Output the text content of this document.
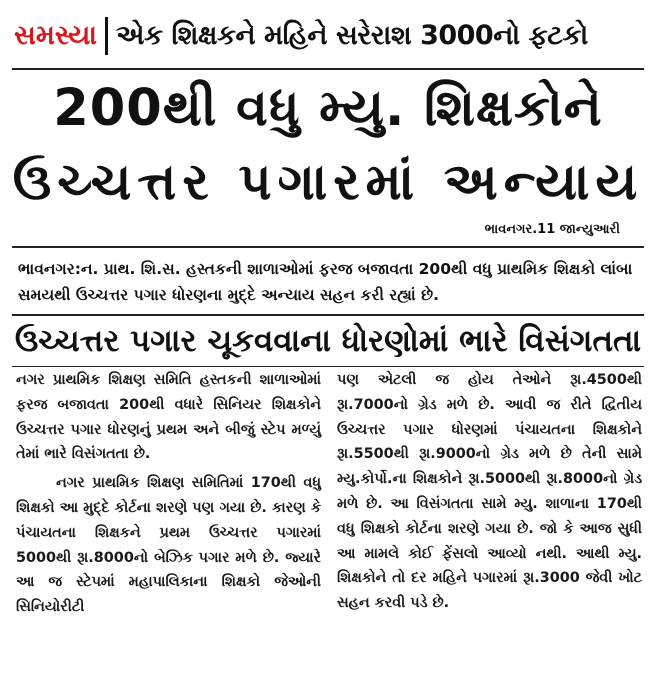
સમસ્યા એક શિક્ષકને મહિને સરેરાશ 3000નો ફટકો
200થી વધુ મ્યુ. શિક્ષકોને
ઉચ્ચત્તર પગારમાં અન્યાય
ભાવનગર.11 જાન્યુઆરી
ભાવનગર:ન. પ્રાથ. શિ.સ. હસ્તકની શાળાઓમાં ફરજ બજાવતા 200થી વધુ પ્રાથમિક શિક્ષકો લાંબા સમયથી ઉચ્ચત્તર પગાર ધોરણના મુદ્દે અન્યાય સહન કરી રહ્યાં છે.
ઉચ્ચત્તર પગાર ચૂકવવાના ધોરણોમાં ભારે વિસંગતતા

નગર પ્રાથમિક શિક્ષણ સમિતિ હસ્તકની શાળાઓમાં ફરજ બજાવતા 200થી વધારે સિનિયર શિક્ષકોને ઉચ્ચત્તર પગાર ધોરણનું પ્રથમ અને બીજું સ્ટેપ મળ્યું તેમાં ભારે વિસંગતતા છે.

નગર પ્રાથમિક શિક્ષણ સમિતિમાં 170થી વધુ શિક્ષકો આ મુદ્દે કોર્ટના શરણે પણ ગયા છે. કારણ કે પંચાયતના શિક્ષકને પ્રથમ ઉચ્ચત્તર પગારમાં 5000થી રૂા.8000નો બેઝિક પગાર મળે છે. જ્યારે આ જ સ્ટેપમાં મહાપાલિકાના શિક્ષકો જેઓની સિનિયોરીટી

પણ એટલી જ હોય તેઓને રૂા.4500થી રૂા.7000નો ગ્રેડ મળે છે. આવી જ રીતે દ્વિતીય ઉચ્ચત્તર પગાર ધોરણમાં પંચાયતના શિક્ષકોને રૂા.5500થી રૂા.9000નો ગ્રેડ મળે છે તેની સામે મ્યુ.કોર્પો.ના શિક્ષકોને રૂા.5000થી રૂા.8000નો ગ્રેડ મળે છે. આ વિસંગતતા સામે મ્યુ. શાળાના 170થી વધુ શિક્ષકો કોર્ટના શરણે ગયા છે. જો કે આજ સુધી આ મામલે કોઈ ફેંસલો આવ્યો નથી. આથી મ્યુ. શિક્ષકોને તો દર મહિને પગારમાં રૂા.3000 જેવી ખોટ સહન કરવી પડે છે.
